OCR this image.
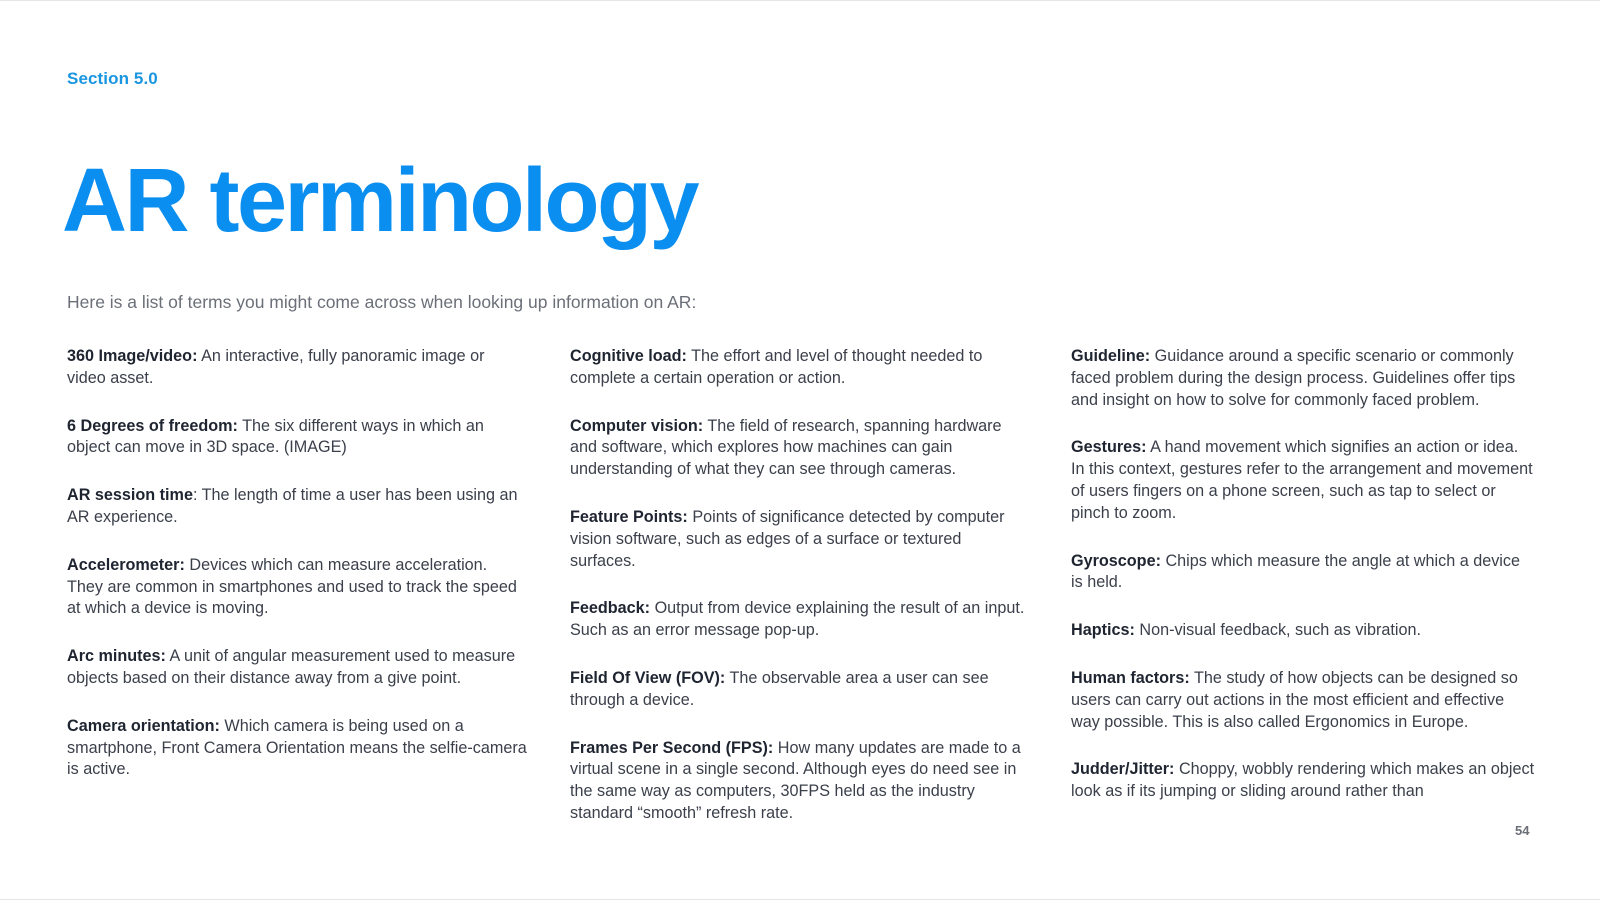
Section 5.0
AR terminology
Here is a list of terms you might come across when looking up information on AR:

360 Image/video: An interactive, fully panoramic image or video asset.

6 Degrees of freedom: The six different ways in which an object can move in 3D space. (IMAGE)

AR session time: The length of time a user has been using an AR experience.

Accelerometer: Devices which can measure acceleration. They are common in smartphones and used to track the speed at which a device is moving.

Arc minutes: A unit of angular measurement used to measure objects based on their distance away from a give point.

Camera orientation: Which camera is being used on a smartphone, Front Camera Orientation means the selfie-camera is active.

Cognitive load: The effort and level of thought needed to complete a certain operation or action.

Computer vision: The field of research, spanning hardware and software, which explores how machines can gain understanding of what they can see through cameras.

Feature Points: Points of significance detected by computer vision software, such as edges of a surface or textured surfaces.

Feedback: Output from device explaining the result of an input. Such as an error message pop-up.

Field Of View (FOV): The observable area a user can see through a device.

Frames Per Second (FPS): How many updates are made to a virtual scene in a single second. Although eyes do need see in the same way as computers, 30FPS held as the industry standard “smooth” refresh rate.

Guideline: Guidance around a specific scenario or commonly faced problem during the design process. Guidelines offer tips and insight on how to solve for commonly faced problem.

Gestures: A hand movement which signifies an action or idea. In this context, gestures refer to the arrangement and movement of users fingers on a phone screen, such as tap to select or pinch to zoom.

Gyroscope: Chips which measure the angle at which a device is held.

Haptics: Non-visual feedback, such as vibration.

Human factors: The study of how objects can be designed so users can carry out actions in the most efficient and effective way possible. This is also called Ergonomics in Europe.

Judder/Jitter: Choppy, wobbly rendering which makes an object look as if its jumping or sliding around rather than

54
